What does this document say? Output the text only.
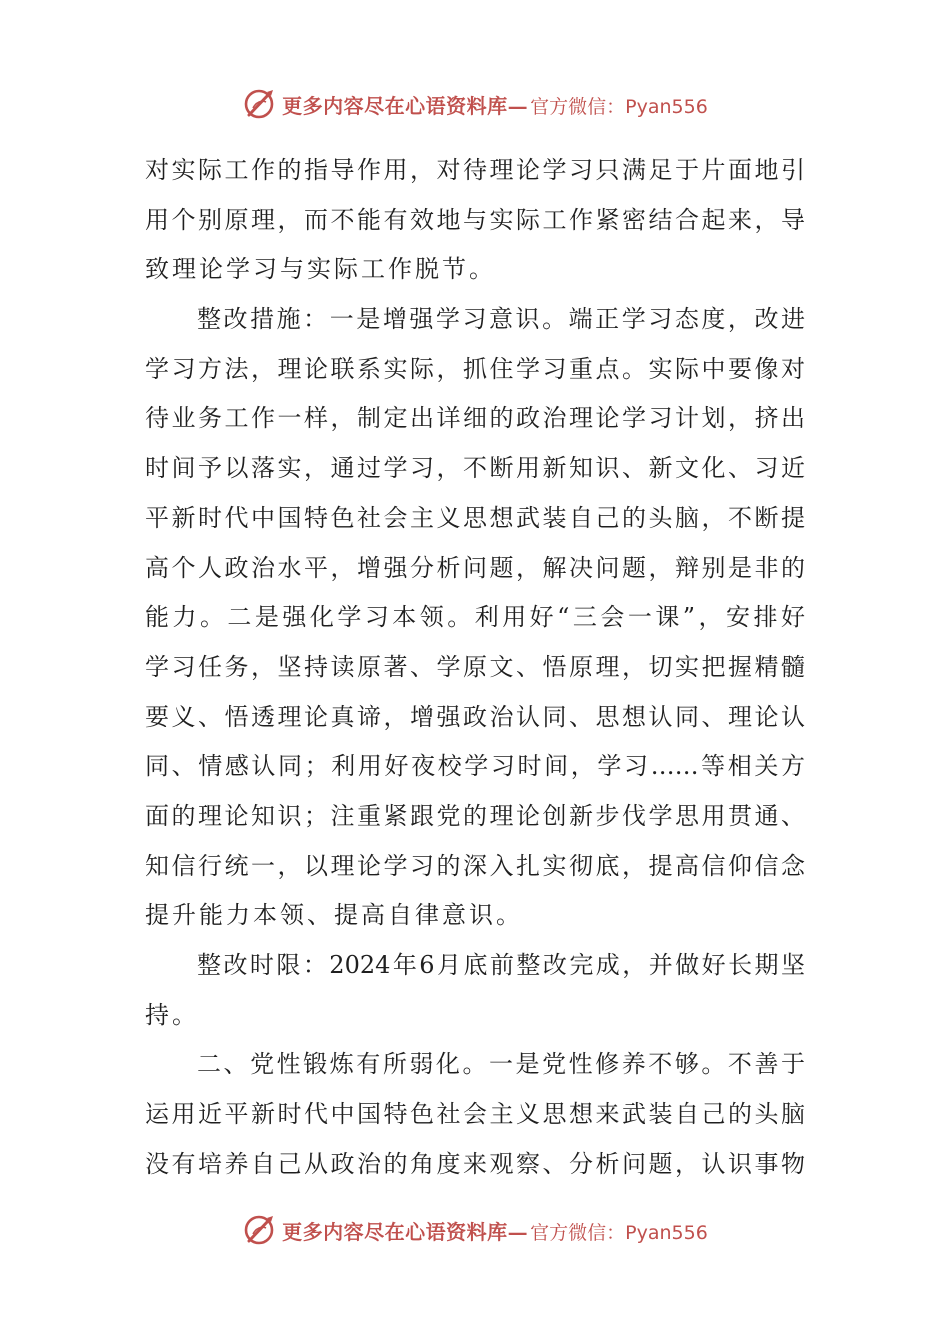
更多内容尽在心语资料库— 官方微信：Pyan556
对实际工作的指导作用，对待理论学习只满足于片面地引
用个别原理，而不能有效地与实际工作紧密结合起来，导
致理论学习与实际工作脱节。
整改措施：一是增强学习意识。端正学习态度，改进
学习方法，理论联系实际，抓住学习重点。实际中要像对
待业务工作一样，制定出详细的政治理论学习计划，挤出
时间予以落实，通过学习，不断用新知识、新文化、习近
平新时代中国特色社会主义思想武装自己的头脑，不断提
高个人政治水平，增强分析问题，解决问题，辩别是非的
能力。二是强化学习本领。利用好“三会一课”，安排好
学习任务，坚持读原著、学原文、悟原理，切实把握精髓
要义、悟透理论真谛，增强政治认同、思想认同、理论认
同、情感认同；利用好夜校学习时间，学习……等相关方
面的理论知识；注重紧跟党的理论创新步伐学思用贯通、
知信行统一，以理论学习的深入扎实彻底，提高信仰信念
提升能力本领、提高自律意识。
整改时限：2024年6月底前整改完成，并做好长期坚
持。
二、党性锻炼有所弱化。一是党性修养不够。不善于
运用近平新时代中国特色社会主义思想来武装自己的头脑
没有培养自己从政治的角度来观察、分析问题，认识事物
更多内容尽在心语资料库— 官方微信：Pyan556
